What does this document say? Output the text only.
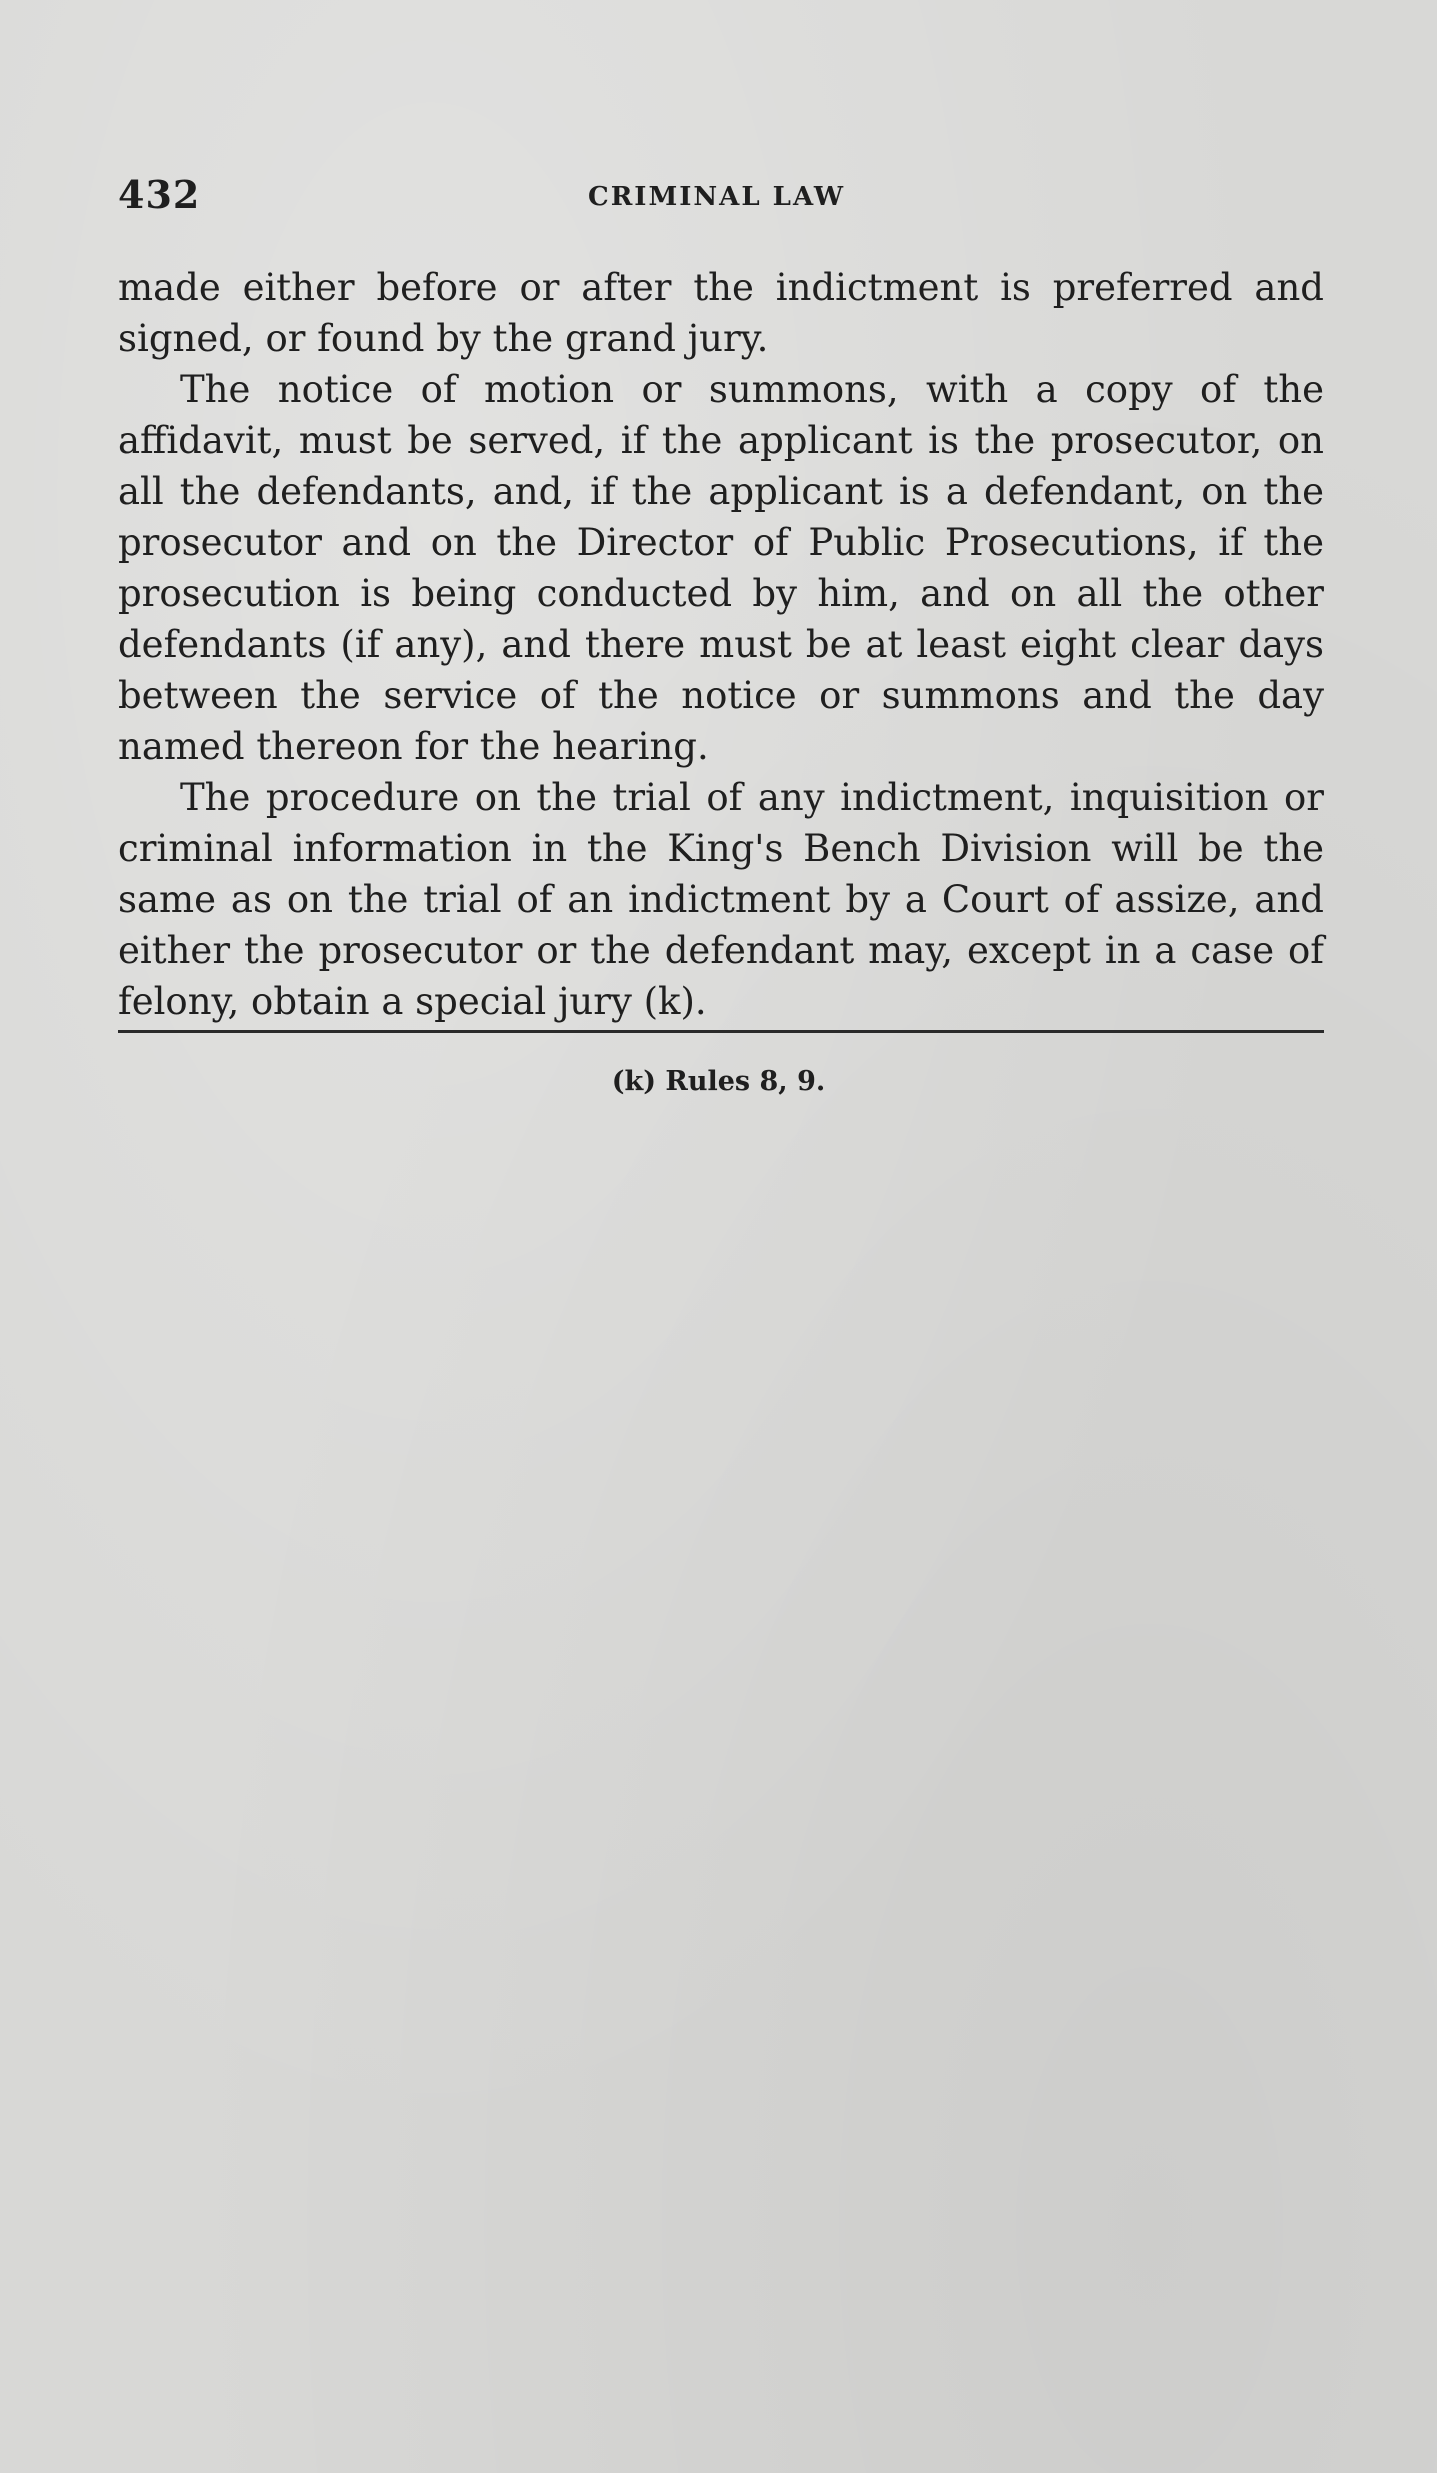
432	CRIMINAL LAW

made either before or after the indictment is preferred and signed, or found by the grand jury.

The notice of motion or summons, with a copy of the affidavit, must be served, if the applicant is the prosecutor, on all the defendants, and, if the applicant is a defendant, on the prosecutor and on the Director of Public Prosecutions, if the prosecution is being conducted by him, and on all the other defendants (if any), and there must be at least eight clear days between the service of the notice or summons and the day named thereon for the hearing.

The procedure on the trial of any indictment, inquisition or criminal information in the King's Bench Division will be the same as on the trial of an indictment by a Court of assize, and either the prosecutor or the defendant may, except in a case of felony, obtain a special jury (k).

(k) Rules 8, 9.
